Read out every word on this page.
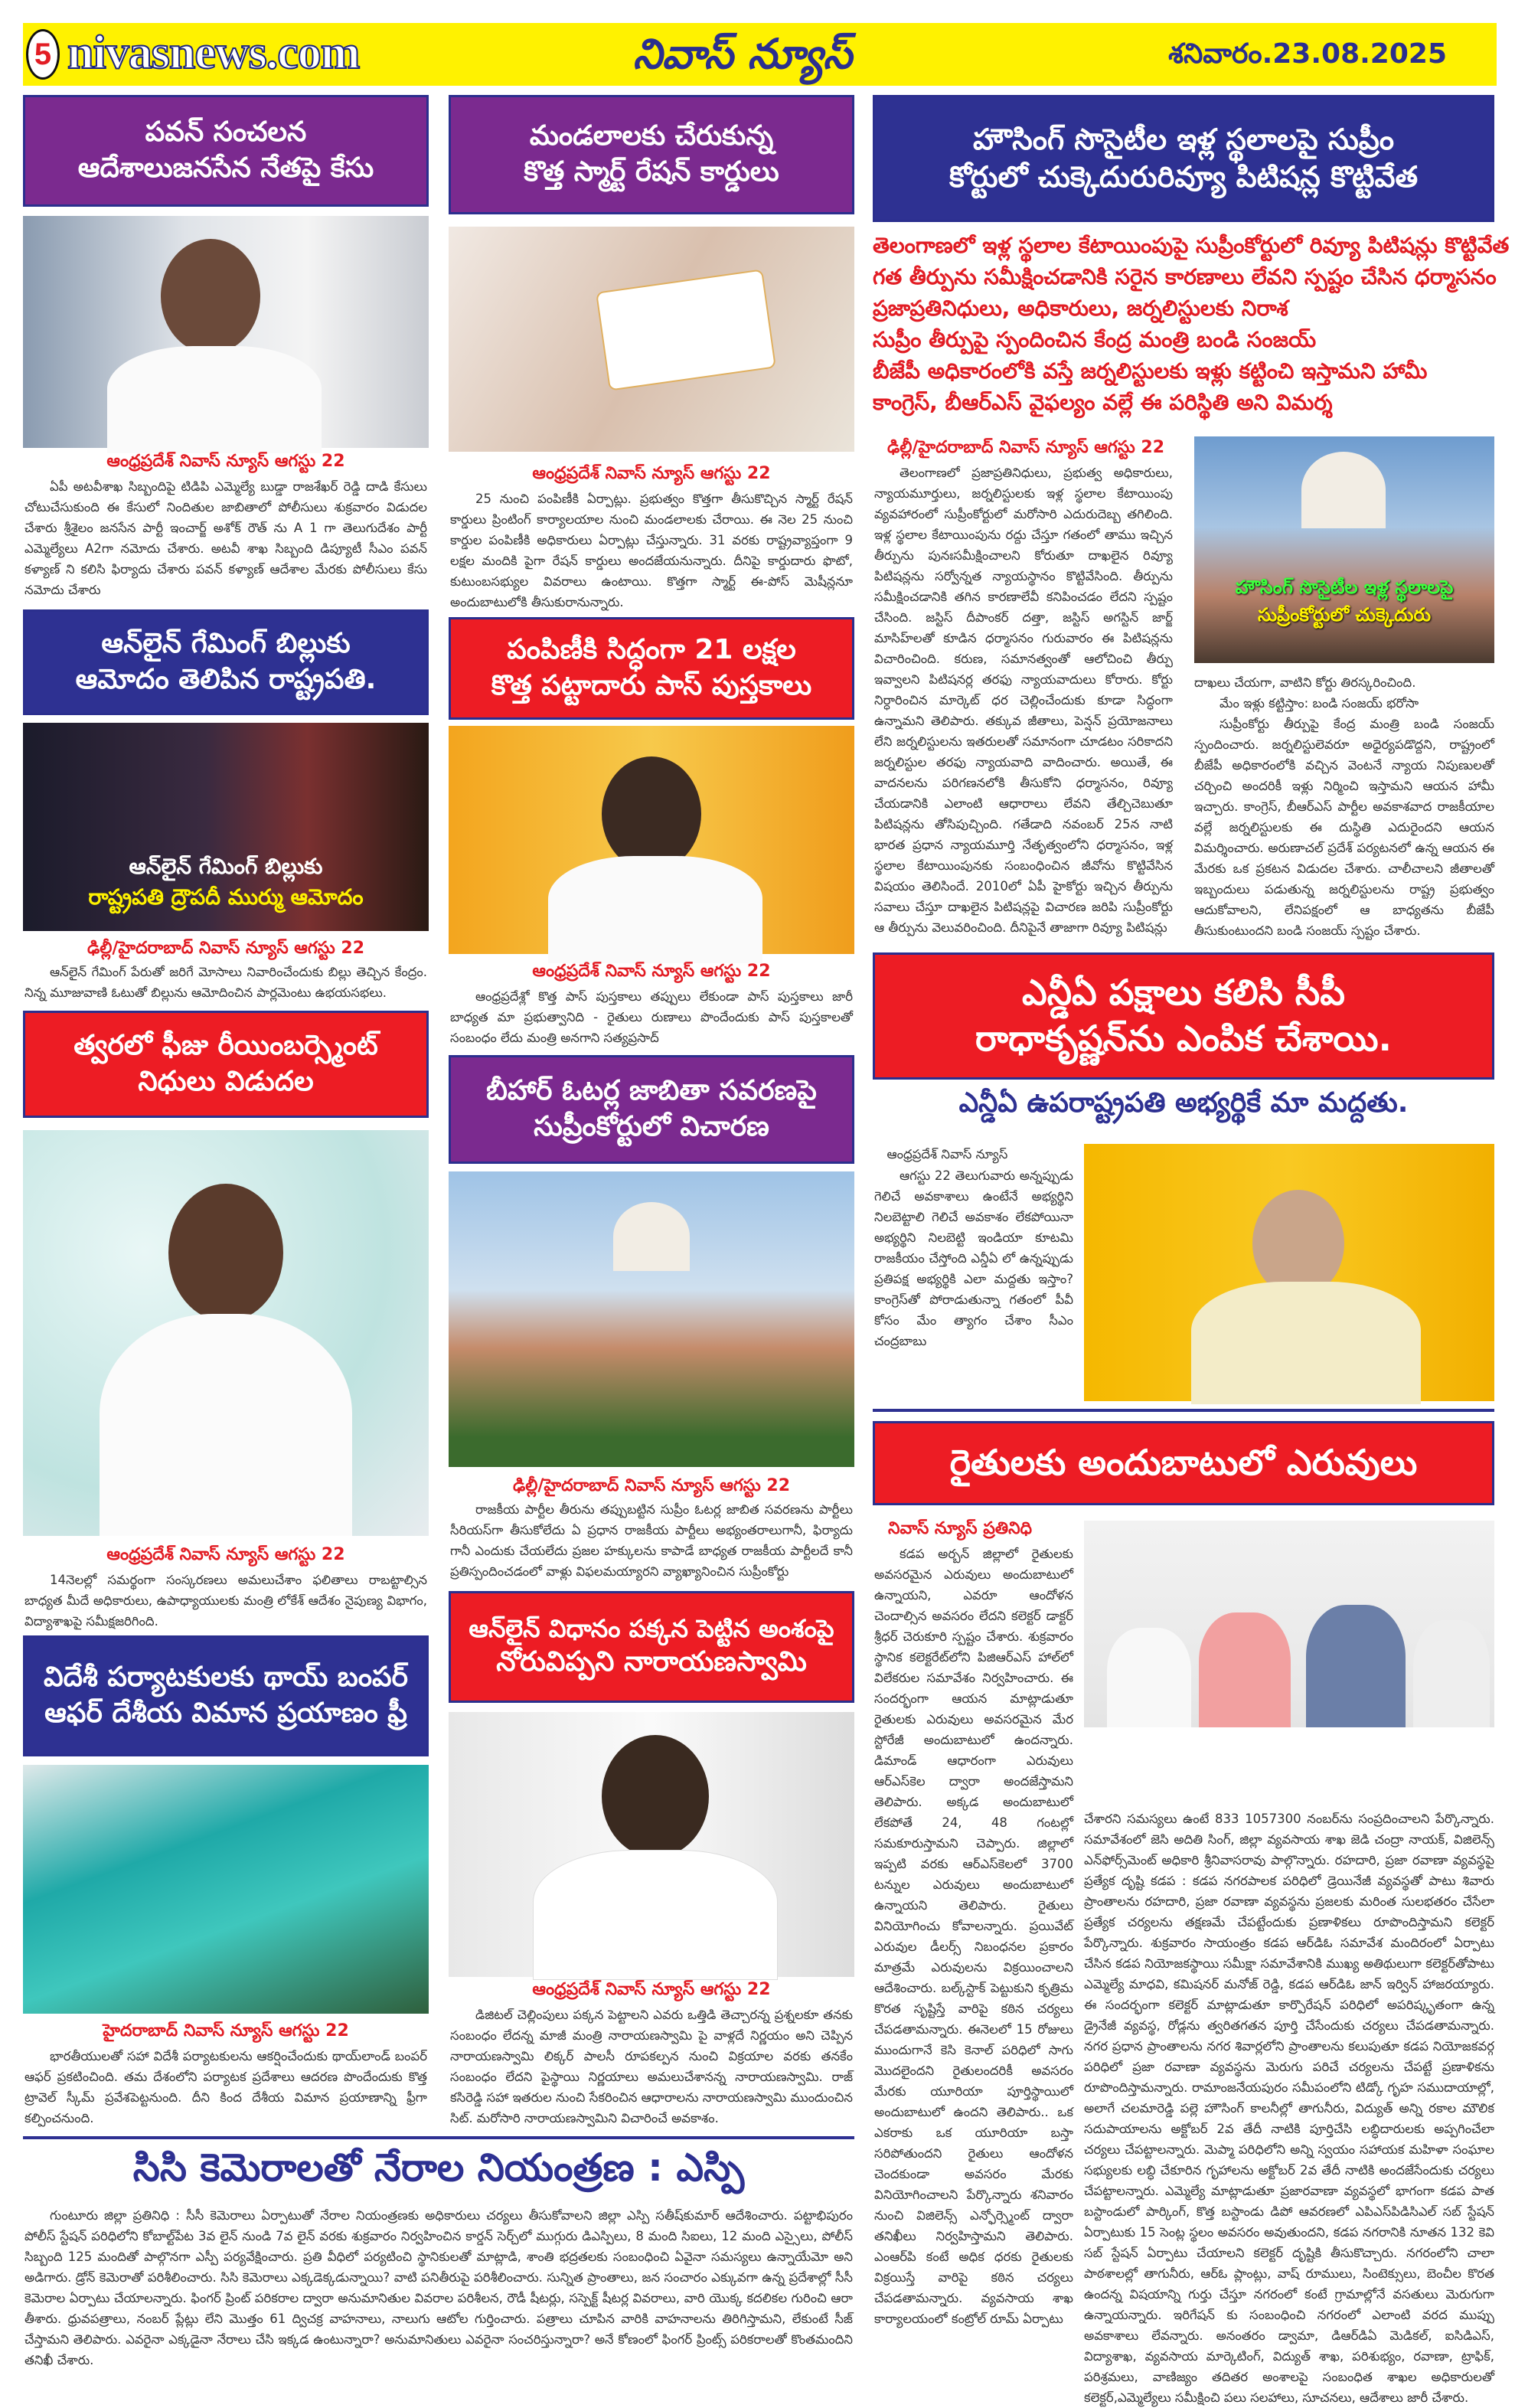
5 nivasnews.com	నివాస్ న్యూస్	శనివారం.23.08.2025
పవన్ సంచలన
ఆదేశాలుజనసేన నేతపై కేసు
ఆంధ్రప్రదేశ్ నివాస్ న్యూస్ ఆగస్టు 22
ఏపీ అటవీశాఖ సిబ్బందిపై టిడిపి ఎమ్మెల్యే బుడ్డా రాజశేఖర్ రెడ్డి దాడి కేసులు చోటుచేసుకుంది ఈ కేసులో నిందితుల జాబితాలో పోలీసులు శుక్రవారం విడుదల చేశారు శ్రీశైలం జనసేన పార్టీ ఇంచార్జ్ అశోక్ రౌత్ ను A 1 గా తెలుగుదేశం పార్టీ ఎమ్మెల్యేలు A2గా నమోదు చేశారు. అటవీ శాఖ సిబ్బంది డిప్యూటీ సీఎం పవన్ కళ్యాణ్ ని కలిసి ఫిర్యాదు చేశారు పవన్ కళ్యాణ్ ఆదేశాల మేరకు పోలీసులు కేసు నమోదు చేశారు
ఆన్‌లైన్ గేమింగ్ బిల్లుకు
ఆమోదం తెలిపిన రాష్ట్రపతి.
ఆన్‌లైన్ గేమింగ్ బిల్లుకు
రాష్ట్రపతి ద్రౌపదీ ముర్ము ఆమోదం
ఢిల్లీ/హైదరాబాద్ నివాస్ న్యూస్ ఆగస్టు 22
ఆన్‌లైన్ గేమింగ్ పేరుతో జరిగే మోసాలు నివారించేందుకు బిల్లు తెచ్చిన కేంద్రం. నిన్న మూజువాణి ఓటుతో బిల్లును ఆమోదించిన పార్లమెంటు ఉభయసభలు.
త్వరలో ఫీజు రీయింబర్స్మెంట్
నిధులు విడుదల
ఆంధ్రప్రదేశ్ నివాస్ న్యూస్ ఆగస్టు 22
14నెలల్లో సమర్థంగా సంస్కరణలు అమలుచేశాం ఫలితాలు రాబట్టాల్సిన బాధ్యత మీదే అధికారులు, ఉపాధ్యాయులకు మంత్రి లోకేశ్ ఆదేశం నైపుణ్య విభాగం, విద్యాశాఖపై సమీక్షజరిగింది.
విదేశీ పర్యాటకులకు థాయ్ బంపర్
ఆఫర్ దేశీయ విమాన ప్రయాణం ఫ్రీ
హైదరాబాద్ నివాస్ న్యూస్ ఆగస్టు 22
భారతీయులతో సహా విదేశీ పర్యాటకులను ఆకర్షించేందుకు థాయ్‌లాండ్ బంపర్ ఆఫర్ ప్రకటించింది. తమ దేశంలోని పర్యాటక ప్రదేశాలు ఆదరణ పొందేందుకు కొత్త ట్రావెల్ స్కీమ్ ప్రవేశపెట్టనుంది. దీని కింద దేశీయ విమాన ప్రయాణాన్ని ఫ్రీగా కల్పించనుంది.
మండలాలకు చేరుకున్న
కొత్త స్మార్ట్ రేషన్ కార్డులు
ఆంధ్రప్రదేశ్ నివాస్ న్యూస్ ఆగస్టు 22
25 నుంచి పంపిణీకి ఏర్పాట్లు. ప్రభుత్వం కొత్తగా తీసుకొచ్చిన స్మార్ట్ రేషన్ కార్డులు ప్రింటింగ్ కార్యాలయాల నుంచి మండలాలకు చేరాయి. ఈ నెల 25 నుంచి కార్డుల పంపిణీకి అధికారులు ఏర్పాట్లు చేస్తున్నారు. 31 వరకు రాష్ట్రవ్యాప్తంగా 9 లక్షల మందికి పైగా రేషన్ కార్డులు అందజేయనున్నారు. దీనిపై కార్డుదారు ఫొటో, కుటుంబసభ్యుల వివరాలు ఉంటాయి. కొత్తగా స్మార్ట్ ఈ-పోస్ మెషీన్లనూ అందుబాటులోకి తీసుకురానున్నారు.
పంపిణీకి సిద్ధంగా 21 లక్షల
కొత్త పట్టాదారు పాస్ పుస్తకాలు
ఆంధ్రప్రదేశ్ నివాస్ న్యూస్ ఆగస్టు 22
ఆంధ్రప్రదేశ్లో కొత్త పాస్ పుస్తకాలు తప్పులు లేకుండా పాస్ పుస్తకాలు జారీ బాధ్యత మా ప్రభుత్వానిది - రైతులు రుణాలు పొందేందుకు పాస్ పుస్తకాలతో సంబంధం లేదు మంత్రి అనగాని సత్యప్రసాద్
బీహార్ ఓటర్ల జాబితా సవరణపై
సుప్రీంకోర్టులో విచారణ
ఢిల్లీ/హైదరాబాద్ నివాస్ న్యూస్ ఆగస్టు 22
రాజకీయ పార్టీల తీరును తప్పుబట్టిన సుప్రీం ఓటర్ల జాబిత సవరణను పార్టీలు సీరియస్‌గా తీసుకోలేదు ఏ ప్రధాన రాజకీయ పార్టీలు అభ్యంతరాలుగానీ, ఫిర్యాదు గానీ ఎందుకు చేయలేదు ప్రజల హక్కులను కాపాడే బాధ్యత రాజకీయ పార్టీలదే కానీ ప్రతిస్పందించడంలో వాళ్లు విఫలమయ్యారని వ్యాఖ్యానించిన సుప్రీంకోర్టు
ఆన్‌లైన్ విధానం పక్కన పెట్టిన అంశంపై
నోరువిప్పని నారాయణస్వామి
ఆంధ్రప్రదేశ్ నివాస్ న్యూస్ ఆగస్టు 22
డిజిటల్ చెల్లింపులు పక్కన పెట్టాలని ఎవరు ఒత్తిడి తెచ్చారన్న ప్రశ్నలకూ తనకు సంబంధం లేదన్న మాజీ మంత్రి నారాయణస్వామి పై వాళ్లదే నిర్ణయం అని చెప్పిన నారాయణస్వామి లిక్కర్ పాలసీ రూపకల్పన నుంచి విక్రయాల వరకు తనకేం సంబంధం లేదని పైస్థాయి నిర్ణయాలు అమలుచేశానన్న నారాయణస్వామి. రాజ్ కసిరెడ్డి సహా ఇతరుల నుంచి సేకరించిన ఆధారాలను నారాయణస్వామి ముందుంచిన సిట్. మరోసారి నారాయణస్వామిని విచారించే అవకాశం.
హౌసింగ్ సొసైటీల ఇళ్ల స్థలాలపై సుప్రీం
కోర్టులో చుక్కెదురురివ్యూ పిటిషన్ల కొట్టివేత
తెలంగాణలో ఇళ్ల స్థలాల కేటాయింపుపై సుప్రీంకోర్టులో రివ్యూ పిటిషన్లు కొట్టివేత
గత తీర్పును సమీక్షించడానికి సరైన కారణాలు లేవని స్పష్టం చేసిన ధర్మాసనం
ప్రజాప్రతినిధులు, అధికారులు, జర్నలిస్టులకు నిరాశ
సుప్రీం తీర్పుపై స్పందించిన కేంద్ర మంత్రి బండి సంజయ్
బీజేపీ అధికారంలోకి వస్తే జర్నలిస్టులకు ఇళ్లు కట్టించి ఇస్తామని హామీ
కాంగ్రెస్, బీఆర్ఎస్ వైఫల్యం వల్లే ఈ పరిస్థితి అని విమర్శ
ఢిల్లీ/హైదరాబాద్ నివాస్ న్యూస్ ఆగస్టు 22
తెలంగాణలో ప్రజాప్రతినిధులు, ప్రభుత్వ అధికారులు, న్యాయమూర్తులు, జర్నలిస్టులకు ఇళ్ల స్థలాల కేటాయింపు వ్యవహారంలో సుప్రీంకోర్టులో మరోసారి ఎదురుదెబ్బ తగిలింది. ఇళ్ల స్థలాల కేటాయింపును రద్దు చేస్తూ గతంలో తాము ఇచ్చిన తీర్పును పునఃసమీక్షించాలని కోరుతూ దాఖలైన రివ్యూ పిటిషన్లను సర్వోన్నత న్యాయస్థానం కొట్టివేసింది. తీర్పును సమీక్షించడానికి తగిన కారణాలేవీ కనిపించడం లేదని స్పష్టం చేసింది. జస్టిస్ దీపాంకర్ దత్తా, జస్టిస్ అగస్టిన్ జార్జ్ మాసిహ్‌లతో కూడిన ధర్మాసనం గురువారం ఈ పిటిషన్లను విచారించింది. కరుణ, సమానత్వంతో ఆలోచించి తీర్పు ఇవ్వాలని పిటిషనర్ల తరఫు న్యాయవాదులు కోరారు. కోర్టు నిర్ధారించిన మార్కెట్ ధర చెల్లించేందుకు కూడా సిద్ధంగా ఉన్నామని తెలిపారు. తక్కువ జీతాలు, పెన్షన్ ప్రయోజనాలు లేని జర్నలిస్టులను ఇతరులతో సమానంగా చూడటం సరికాదని జర్నలిస్టుల తరఫు న్యాయవాది వాదించారు. అయితే, ఈ వాదనలను పరిగణనలోకి తీసుకోని ధర్మాసనం, రివ్యూ చేయడానికి ఎలాంటి ఆధారాలు లేవని తేల్చిచెబుతూ పిటిషన్లను తోసిపుచ్చింది. గతేడాది నవంబర్ 25న నాటి భారత ప్రధాన న్యాయమూర్తి నేతృత్వంలోని ధర్మాసనం, ఇళ్ల స్థలాల కేటాయింపునకు సంబంధించిన జీవోను కొట్టివేసిన విషయం తెలిసిందే. 2010లో ఏపీ హైకోర్టు ఇచ్చిన తీర్పును సవాలు చేస్తూ దాఖలైన పిటిషన్లపై విచారణ జరిపి సుప్రీంకోర్టు ఆ తీర్పును వెలువరించింది. దీనిపైనే తాజాగా రివ్యూ పిటిషన్లు
హౌసింగ్ సొసైటీల ఇళ్ల స్థలాలపై
సుప్రీంకోర్టులో చుక్కెదురు
దాఖలు చేయగా, వాటిని కోర్టు తిరస్కరించింది.
మేం ఇళ్లు కట్టిస్తాం: బండి సంజయ్ భరోసా
సుప్రీంకోర్టు తీర్పుపై కేంద్ర మంత్రి బండి సంజయ్ స్పందించారు. జర్నలిస్టులెవరూ అధైర్యపడొద్దని, రాష్ట్రంలో బీజేపీ అధికారంలోకి వచ్చిన వెంటనే న్యాయ నిపుణులతో చర్చించి అందరికీ ఇళ్లు నిర్మించి ఇస్తామని ఆయన హామీ ఇచ్చారు. కాంగ్రెస్, బీఆర్ఎస్ పార్టీల అవకాశవాద రాజకీయాల వల్లే జర్నలిస్టులకు ఈ దుస్థితి ఎదురైందని ఆయన విమర్శించారు. అరుణాచల్ ప్రదేశ్ పర్యటనలో ఉన్న ఆయన ఈ మేరకు ఒక ప్రకటన విడుదల చేశారు. చాలీచాలని జీతాలతో ఇబ్బందులు పడుతున్న జర్నలిస్టులను రాష్ట్ర ప్రభుత్వం ఆదుకోవాలని, లేనిపక్షంలో ఆ బాధ్యతను బీజేపీ తీసుకుంటుందని బండి సంజయ్ స్పష్టం చేశారు.
ఎన్డీఏ పక్షాలు కలిసి సీపీ
రాధాకృష్ణన్‌ను ఎంపిక చేశాయి.
ఎన్డీఏ ఉపరాష్ట్రపతి అభ్యర్థికే మా మద్దతు.
ఆంధ్రప్రదేశ్ నివాస్ న్యూస్
ఆగస్టు 22 తెలుగువారు అన్నప్పుడు గెలిచే అవకాశాలు ఉంటేనే అభ్యర్థిని నిలబెట్టాలి గెలిచే అవకాశం లేకపోయినా అభ్యర్థిని నిలబెట్టి ఇండియా కూటమి రాజకీయం చేస్తోంది ఎన్డీఏ లో ఉన్నప్పుడు ప్రతిపక్ష అభ్యర్థికి ఎలా మద్దతు ఇస్తాం? కాంగ్రెస్‌తో పోరాడుతున్నా గతంలో పీవీ కోసం మేం త్యాగం చేశాం సీఎం చంద్రబాబు
రైతులకు అందుబాటులో ఎరువులు
నివాస్ న్యూస్ ప్రతినిధి
కడప అర్బన్ జిల్లాలో రైతులకు అవసరమైన ఎరువులు అందుబాటులో ఉన్నాయని, ఎవరూ ఆందోళన చెందాల్సిన అవసరం లేదని కలెక్టర్ డాక్టర్ శ్రీధర్ చెరుకూరి స్పష్టం చేశారు. శుక్రవారం స్థానిక కలెక్టరేట్‌లోని పిజిఆర్ఎస్ హాల్‌లో విలేకరుల సమావేశం నిర్వహించారు. ఈ సందర్భంగా ఆయన మాట్లాడుతూ రైతులకు ఎరువులు అవసరమైన మేర స్టోరేజీ అందుబాటులో ఉందన్నారు. డిమాండ్ ఆధారంగా ఎరువులు ఆర్ఎస్‌కెల ద్వారా అందజేస్తామని తెలిపారు. అక్కడ అందుబాటులో లేకపోతే 24, 48 గంటల్లో సమకూరుస్తామని చెప్పారు. జిల్లాలో ఇప్పటి వరకు ఆర్ఎస్‌కెలలో 3700 టన్నుల ఎరువులు అందుబాటులో ఉన్నాయని తెలిపారు. రైతులు వినియోగించు కోవాలన్నారు. ప్రయివేట్ ఎరువుల డీలర్స్ నిబంధనల ప్రకారం మాత్రమే ఎరువులను విక్రయించాలని ఆదేశించారు. బల్క్‌స్టాక్ పెట్టుకుని కృత్రిమ కొరత సృష్టిస్తే వారిపై కఠిన చర్యలు చేపడతామన్నారు. ఈనెలలో 15 రోజులు ముందుగానే కెసి కెనాల్ పరిధిలో సాగు మొదలైందని రైతులందరికీ అవసరం మేరకు యూరియా పూర్తిస్థాయిలో అందుబాటులో ఉందని తెలిపారు.. ఒక ఎకరాకు ఒక యూరియా బస్తా సరిపోతుందని రైతులు ఆందోళన చెందకుండా అవసరం మేరకు వినియోగించాలని పేర్కొన్నారు శనివారం నుంచి విజిలెన్స్ ఎన్ఫోర్స్మెంట్ ద్వారా తనిఖీలు నిర్వహిస్తామని తెలిపారు. ఎంఆర్‌పి కంటే అధిక ధరకు రైతులకు విక్రయిస్తే వారిపై కఠిన చర్యలు చేపడతామన్నారు. వ్యవసాయ శాఖ కార్యాలయంలో కంట్రోల్ రూమ్ ఏర్పాటు
చేశారని సమస్యలు ఉంటే 833 1057300 నంబర్‌ను సంప్రదించాలని పేర్కొన్నారు. సమావేశంలో జెసి అదితి సింగ్, జిల్లా వ్యవసాయ శాఖ జెడి చంద్రా నాయక్, విజిలెన్స్ ఎన్‌ఫోర్స్‌మెంట్ అధికారి శ్రీనివాసరావు పాల్గొన్నారు. రహదారి, ప్రజా రవాణా వ్యవస్థపై ప్రత్యేక దృష్టి కడప : కడప నగరపాలక పరిధిలో డ్రెయినేజీ వ్యవస్థతో పాటు శివారు ప్రాంతాలను రహదారి, ప్రజా రవాణా వ్యవస్థను ప్రజలకు మరింత సులభతరం చేసేలా ప్రత్యేక చర్యలను తక్షణమే చేపట్టేందుకు ప్రణాళికలు రూపొందిస్తామని కలెక్టర్ పేర్కొన్నారు. శుక్రవారం సాయంత్రం కడప ఆర్‌డిఓ సమావేశ మందిరంలో ఏర్పాటు చేసిన కడప నియోజకస్థాయి సమీక్షా సమావేశానికి ముఖ్య అతిథులుగా కలెక్టర్‌తోపాటు ఎమ్మెల్యే మాధవి, కమిషనర్ మనోజ్ రెడ్డి, కడప ఆర్‌డిఓ జాన్ ఇర్విన్ హాజరయ్యారు. ఈ సందర్భంగా కలెక్టర్ మాట్లాడుతూ కార్పొరేషన్ పరిధిలో అపరిష్కృతంగా ఉన్న డ్రైనేజీ వ్యవస్థ, రోడ్లను త్వరితగతన పూర్తి చేసేందుకు చర్యలు చేపడతామన్నారు. నగర ప్రధాన ప్రాంతాలను నగర శివార్లలోని ప్రాంతాలను కలుపుతూ కడప నియోజకవర్గ పరిధిలో ప్రజా రవాణా వ్యవస్థను మెరుగు పరిచే చర్యలను చేపట్టే ప్రణాళికను రూపొందిస్తామన్నారు. రామాంజనేయపురం సమీపంలోని టిడ్కో గృహ సముదాయాల్లో, అలాగే చలమారెడ్డి పల్లె హౌసింగ్ కాలనీల్లో తాగునీరు, విద్యుత్ అన్ని రకాల మౌలిక సదుపాయాలను అక్టోబర్ 2వ తేదీ నాటికి పూర్తిచేసి లబ్ధిదారులకు అప్పగించేలా చర్యలు చేపట్టాలన్నారు. మెప్మా పరిధిలోని అన్ని స్వయం సహాయక మహిళా సంఘాల సభ్యులకు లబ్ధి చేకూరిన గృహాలను అక్టోబర్ 2వ తేదీ నాటికి అందజేసేందుకు చర్యలు చేపట్టాలన్నారు. ఎమ్మెల్యే మాట్లాడుతూ ప్రజారవాణా వ్యవస్థలో భాగంగా కడప పాత బస్టాండులో పార్కింగ్, కొత్త బస్టాండు డిపో ఆవరణలో ఎపిఎస్‌పిడిసిఎల్ సబ్ స్టేషన్ ఏర్పాటుకు 15 సెంట్ల స్థలం అవసరం అవుతుందని, కడప నగరానికి నూతన 132 కెవి సబ్ స్టేషన్ ఏర్పాటు చేయాలని కలెక్టర్ దృష్టికి తీసుకొచ్చారు. నగరంలోని చాలా పాఠశాలల్లో తాగునీరు, ఆర్ఓ ప్లాంట్లు, వాష్ రూములు, సింటెక్సులు, బెంచీల కొరత ఉందన్న విషయాన్ని గుర్తు చేస్తూ నగరంలో కంటే గ్రామాల్లోనే వసతులు మెరుగుగా ఉన్నాయన్నారు. ఇరిగేషన్ కు సంబంధించి నగరంలో ఎలాంటి వరద ముప్పు అవకాశాలు లేవన్నారు. అనంతరం డ్వామా, డిఆర్‌డిఏ మెడికల్, ఐసిడిఎస్, విద్యాశాఖ, వ్యవసాయ మార్కెటింగ్, విద్యుత్ శాఖ, పరిశుభ్యం, రవాణా, ట్రాఫిక్, పరిశ్రమలు, వాణిజ్యం తదితర అంశాలపై సంబంధిత శాఖల అధికారులతో కలెక్టర్,ఎమ్మెల్యేలు సమీక్షించి పలు సలహాలు, సూచనలు, ఆదేశాలు జారీ చేశారు.
సిసి కెమెరాలతో నేరాల నియంత్రణ : ఎస్పి
గుంటూరు జిల్లా ప్రతినిధి : సీసీ కెమెరాలు ఏర్పాటుతో నేరాల నియంత్రణకు అధికారులు చర్యలు తీసుకోవాలని జిల్లా ఎస్పి సతీష్‌కుమార్ ఆదేశించారు. పట్టాభిపురం పోలీస్ స్టేషన్ పరిధిలోని కోబాల్ట్‌పేట 3వ లైన్ నుండి 7వ లైన్ వరకు శుక్రవారం నిర్వహించిన కార్డన్ సెర్చ్‌లో ముగ్గురు డిఎస్పిలు, 8 మంది సిఐలు, 12 మంది ఎస్సైలు, పోలీస్ సిబ్బంది 125 మందితో పాల్గొనగా ఎస్పీ పర్యవేక్షించారు. ప్రతి వీధిలో పర్యటించి స్థానికులతో మాట్లాడి, శాంతి భద్రతలకు సంబంధించి ఏవైనా సమస్యలు ఉన్నాయేమో అని అడిగారు. డ్రోన్ కెమెరాతో పరిశీలించారు. సిసి కెమెరాలు ఎక్కడెక్కడున్నాయి? వాటి పనితీరుపై పరిశీలించారు. సున్నిత ప్రాంతాలు, జన సంచారం ఎక్కువగా ఉన్న ప్రదేశాల్లో సీసీ కెమెరాల ఏర్పాటు చేయాలన్నారు. ఫింగర్ ప్రింట్ పరికరాల ద్వారా అనుమానితుల వివరాల పరిశీలన, రౌడీ షీటర్లు, సస్పెక్ట్ షీటర్ల వివరాలు, వారి యొక్క కదలికల గురించి ఆరా తీశారు. ధ్రువపత్రాలు, నంబర్ ప్లేట్లు లేని మొత్తం 61 ద్విచక్ర వాహనాలు, నాలుగు ఆటోల గుర్తించారు. పత్రాలు చూపిన వారికి వాహనాలను తిరిగిస్తామని, లేకుంటే సీజ్ చేస్తామని తెలిపారు. ఎవరైనా ఎక్కడైనా నేరాలు చేసి ఇక్కడ ఉంటున్నారా? అనుమానితులు ఎవరైనా సంచరిస్తున్నారా? అనే కోణంలో ఫింగర్ ప్రింట్స్ పరికరాలతో కొంతమందిని తనిఖీ చేశారు.
